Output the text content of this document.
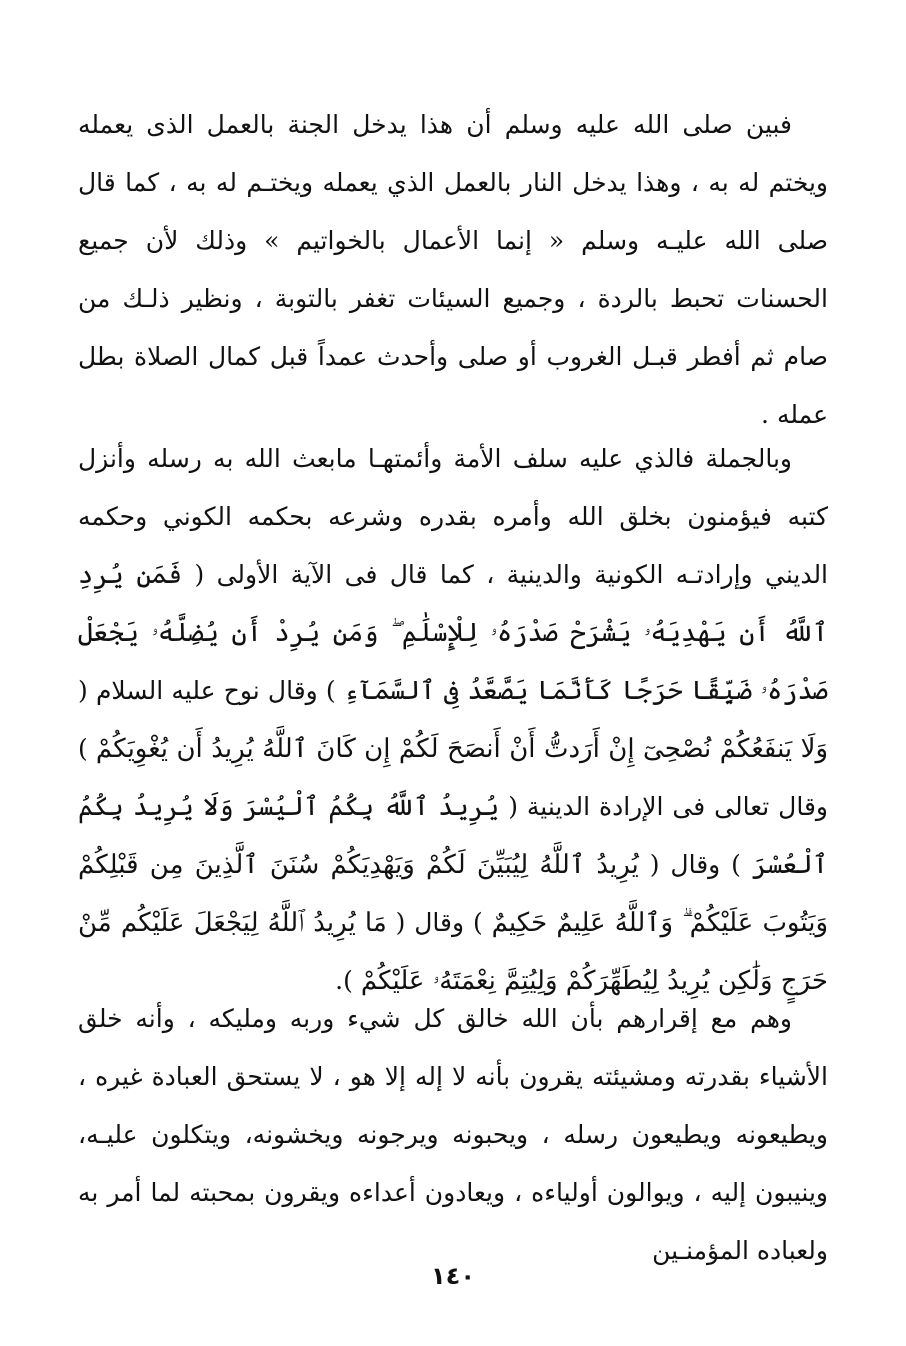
فبين صلى الله عليه وسلم أن هذا يدخل الجنة بالعمل الذى يعمله ويختم له به ، وهذا يدخل النار بالعمل الذي يعمله ويختـم له به ، كما قال صلى الله عليـه وسلم « إنما الأعمال بالخواتيم » وذلك لأن جميع الحسنات تحبط بالردة ، وجميع السيئات تغفر بالتوبة ، ونظير ذلـك من صام ثم أفطر قبـل الغروب أو صلى وأحدث عمداً قبل كمال الصلاة بطل عمله .

وبالجملة فالذي عليه سلف الأمة وأئمتهـا مابعث الله به رسله وأنزل كتبه فيؤمنون بخلق الله وأمره بقدره وشرعه بحكمه الكوني وحكمه الديني وإرادتـه الكونية والدينية ، كما قال فى الآية الأولى ( فَمَن يُرِدِ ٱللَّهُ أَن يَهْدِيَهُۥ يَشْرَحْ صَدْرَهُۥ لِلْإِسْلَٰمِ ۖ وَمَن يُرِدْ أَن يُضِلَّهُۥ يَجْعَلْ صَدْرَهُۥ ضَيِّقًا حَرَجًا كَأَنَّمَا يَصَّعَّدُ فِى ٱلسَّمَآءِ ) وقال نوح عليه السلام ( وَلَا يَنفَعُكُمْ نُصْحِىٓ إِنْ أَرَدتُّ أَنْ أَنصَحَ لَكُمْ إِن كَانَ ٱللَّهُ يُرِيدُ أَن يُغْوِيَكُمْ ) وقال تعالى فى الإرادة الدينية ( يُرِيدُ ٱللَّهُ بِكُمُ ٱلْيُسْرَ وَلَا يُرِيدُ بِكُمُ ٱلْعُسْرَ ) وقال ( يُرِيدُ ٱللَّهُ لِيُبَيِّنَ لَكُمْ وَيَهْدِيَكُمْ سُنَنَ ٱلَّذِينَ مِن قَبْلِكُمْ وَيَتُوبَ عَلَيْكُمْ ۗ وَٱللَّهُ عَلِيمٌ حَكِيمٌ ) وقال ( مَا يُرِيدُ ٱللَّهُ لِيَجْعَلَ عَلَيْكُم مِّنْ حَرَجٍ وَلَٰكِن يُرِيدُ لِيُطَهِّرَكُمْ وَلِيُتِمَّ نِعْمَتَهُۥ عَلَيْكُمْ ).

وهم مع إقرارهم بأن الله خالق كل شيء وربه ومليكه ، وأنه خلق الأشياء بقدرته ومشيئته يقرون بأنه لا إله إلا هو ، لا يستحق العبادة غيره ، ويطيعونه ويطيعون رسله ، ويحبونه ويرجونه ويخشونه، ويتكلون عليـه، وينيبون إليه ، ويوالون أولياءه ، ويعادون أعداءه ويقرون بمحبته لما أمر به ولعباده المؤمنـين

١٤٠
